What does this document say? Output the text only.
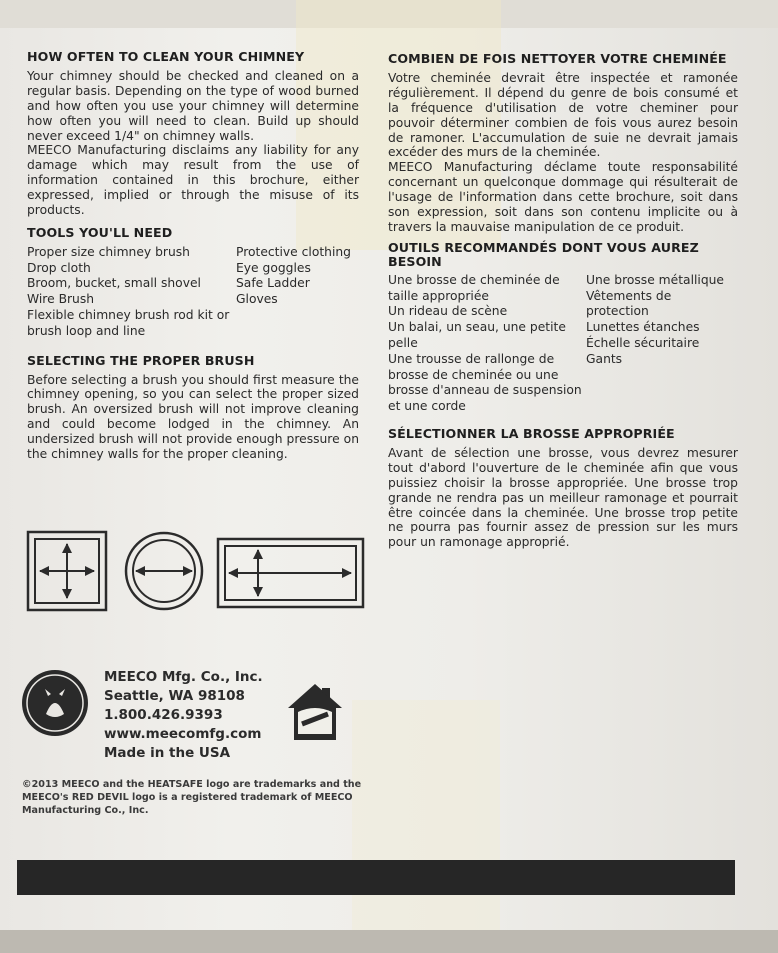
HOW OFTEN TO CLEAN YOUR CHIMNEY

Your chimney should be checked and cleaned on a regular basis. Depending on the type of wood burned and how often you use your chimney will determine how often you will need to clean. Build up should never exceed 1/4" on chimney walls.

MEECO Manufacturing disclaims any liability for any damage which may result from the use of information contained in this brochure, either expressed, implied or through the misuse of its products.

TOOLS YOU'LL NEED
Proper size chimney brush
Drop cloth
Broom, bucket, small shovel
Wire Brush
Flexible chimney brush rod kit or brush loop and line
Protective clothing
Eye goggles
Safe Ladder
Gloves
SELECTING THE PROPER BRUSH

Before selecting a brush you should first measure the chimney opening, so you can select the proper sized brush. An oversized brush will not improve cleaning and could become lodged in the chimney. An undersized brush will not provide enough pressure on the chimney walls for the proper cleaning.

COMBIEN DE FOIS NETTOYER VOTRE CHEMINÉE

Votre cheminée devrait être inspectée et ramonée régulièrement. Il dépend du genre de bois consumé et la fréquence d'utilisation de votre cheminer pour pouvoir déterminer combien de fois vous aurez besoin de ramoner. L'accumulation de suie ne devrait jamais excéder des murs de la cheminée.

MEECO Manufacturing déclame toute responsabilité concernant un quelconque dommage qui résulterait de l'usage de l'information dans cette brochure, soit dans son expression, soit dans son contenu implicite ou à travers la mauvaise manipulation de ce produit.

OUTILS RECOMMANDÉS DONT VOUS AUREZ BESOIN
Une brosse de cheminée de taille appropriée
Un rideau de scène
Un balai, un seau, une petite pelle
Une trousse de rallonge de brosse de cheminée ou une brosse d'anneau de suspension et une corde
Une brosse métallique
Vêtements de protection
Lunettes étanches
Échelle sécuritaire
Gants
SÉLECTIONNER LA BROSSE APPROPRIÉE

Avant de sélection une brosse, vous devrez mesurer tout d'abord l'ouverture de le cheminée afin que vous puissiez choisir la brosse appropriée. Une brosse trop grande ne rendra pas un meilleur ramonage et pourrait être coincée dans la cheminée. Une brosse trop petite ne pourra pas fournir assez de pression sur les murs pour un ramonage approprié.

MEECO Mfg. Co., Inc.
Seattle, WA 98108
1.800.426.9393
www.meecomfg.com
Made in the USA
©2013 MEECO and the HEATSAFE logo are trademarks and the MEECO's RED DEVIL logo is a registered trademark of MEECO Manufacturing Co., Inc.
